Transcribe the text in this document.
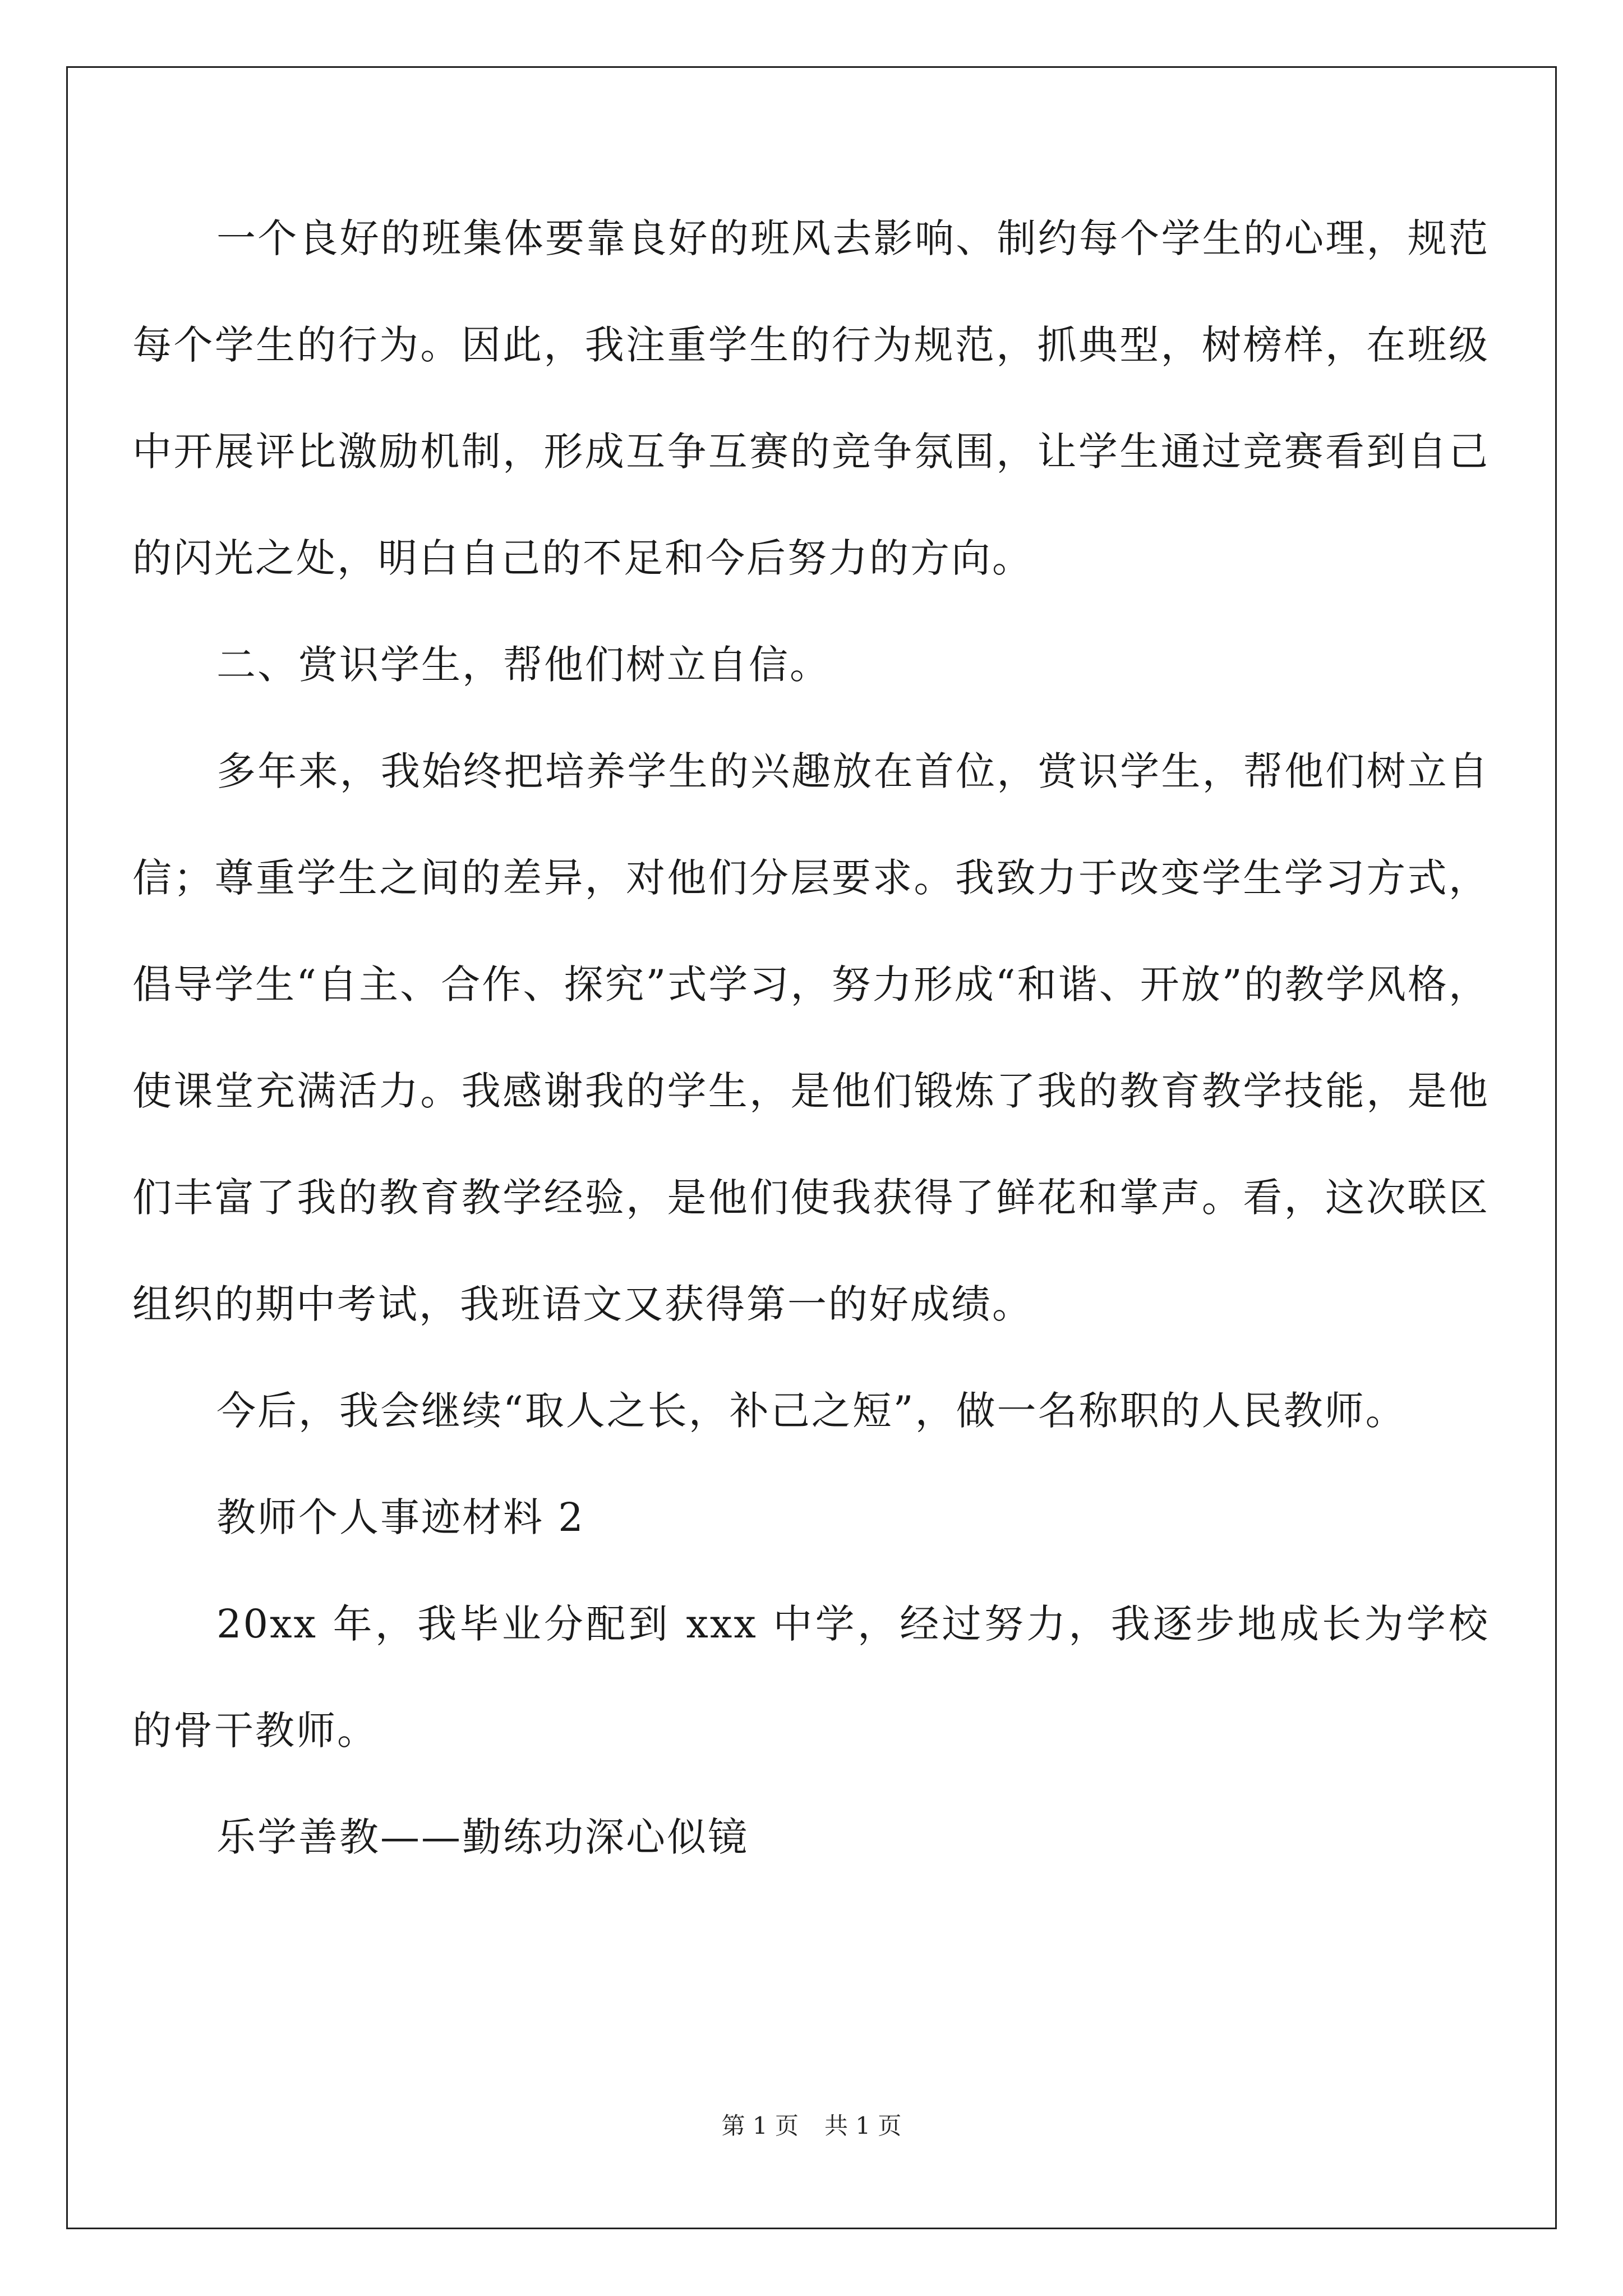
一个良好的班集体要靠良好的班风去影响、制约每个学生的心理，规范每个学生的行为。因此，我注重学生的行为规范，抓典型，树榜样，在班级中开展评比激励机制，形成互争互赛的竞争氛围，让学生通过竞赛看到自己的闪光之处，明白自己的不足和今后努力的方向。

二、赏识学生，帮他们树立自信。

多年来，我始终把培养学生的兴趣放在首位，赏识学生，帮他们树立自信；尊重学生之间的差异，对他们分层要求。我致力于改变学生学习方式，倡导学生“自主、合作、探究”式学习，努力形成“和谐、开放”的教学风格，使课堂充满活力。我感谢我的学生，是他们锻炼了我的教育教学技能，是他们丰富了我的教育教学经验，是他们使我获得了鲜花和掌声。看，这次联区组织的期中考试，我班语文又获得第一的好成绩。

今后，我会继续“取人之长，补己之短”，做一名称职的人民教师。

教师个人事迹材料 2

20xx 年，我毕业分配到 xxx 中学，经过努力，我逐步地成长为学校的骨干教师。

乐学善教——勤练功深心似镜

第 1 页 共 1 页
